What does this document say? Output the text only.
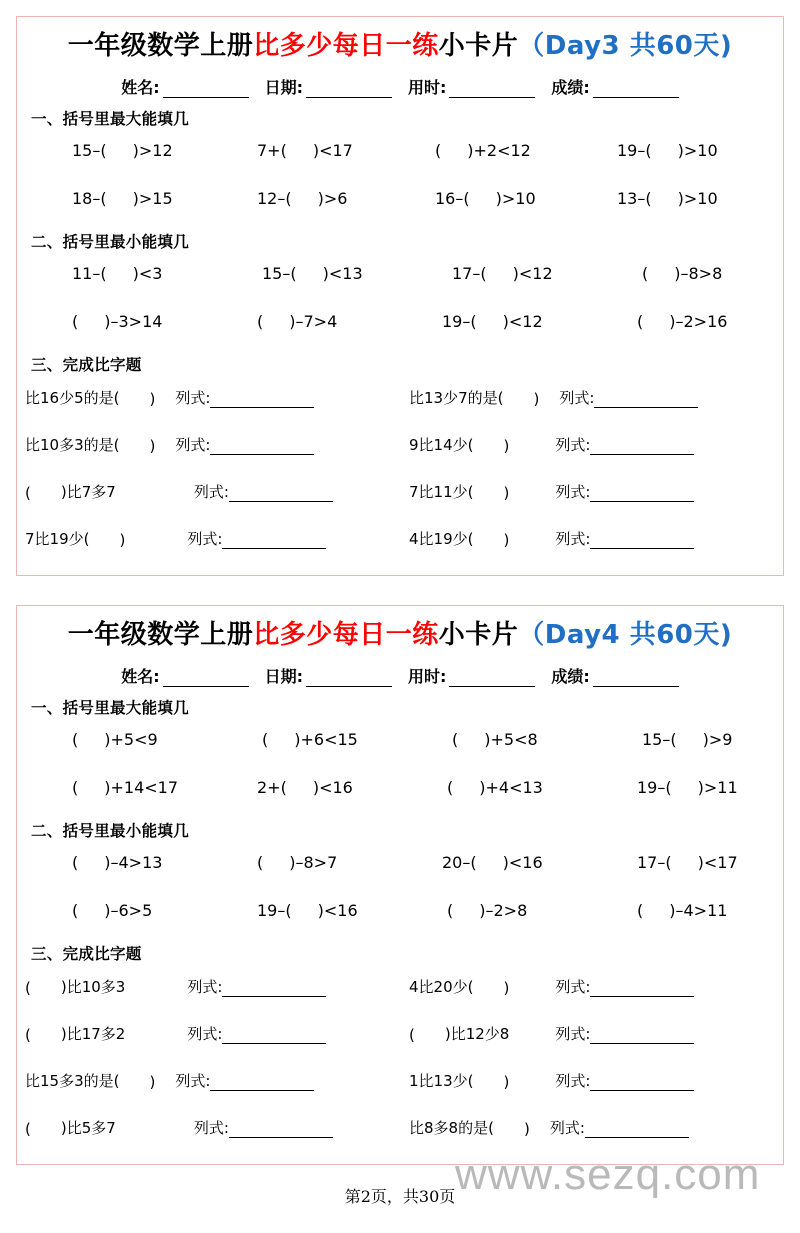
www.sezq.com
一年级数学上册比多少每日一练小卡片（Day3 共60天)
姓名:	日期:	用时:	成绩:
一、括号里最大能填几
15–( )>12	7+( )<17	( )+2<12	19–( )>10
18–( )>15	12–( )>6	16–( )>10	13–( )>10
二、括号里最小能填几
11–( )<3	15–( )<13	17–( )<12	( )–8>8
( )–3>14	( )–7>4	19–( )<12	( )–2>16
三、完成比字题
比16少5的是( ) 列式:	比13少7的是( ) 列式:
比10多3的是( ) 列式:	9比14少( )	列式:
( )比7多7	列式:	7比11少( )	列式:
7比19少( )	列式:	4比19少( )	列式:
一年级数学上册比多少每日一练小卡片（Day4 共60天)
姓名:	日期:	用时:	成绩:
一、括号里最大能填几
( )+5<9	( )+6<15	( )+5<8	15–( )>9
( )+14<17	2+( )<16	( )+4<13	19–( )>11
二、括号里最小能填几
( )–4>13	( )–8>7	20–( )<16	17–( )<17
( )–6>5	19–( )<16	( )–2>8	( )–4>11
三、完成比字题
( )比10多3	列式:	4比20少( )	列式:
( )比17多2	列式:	( )比12少8	列式:
比15多3的是( ) 列式:	1比13少( )	列式:
( )比5多7	列式:	比8多8的是( ) 列式:
第2页，共30页
